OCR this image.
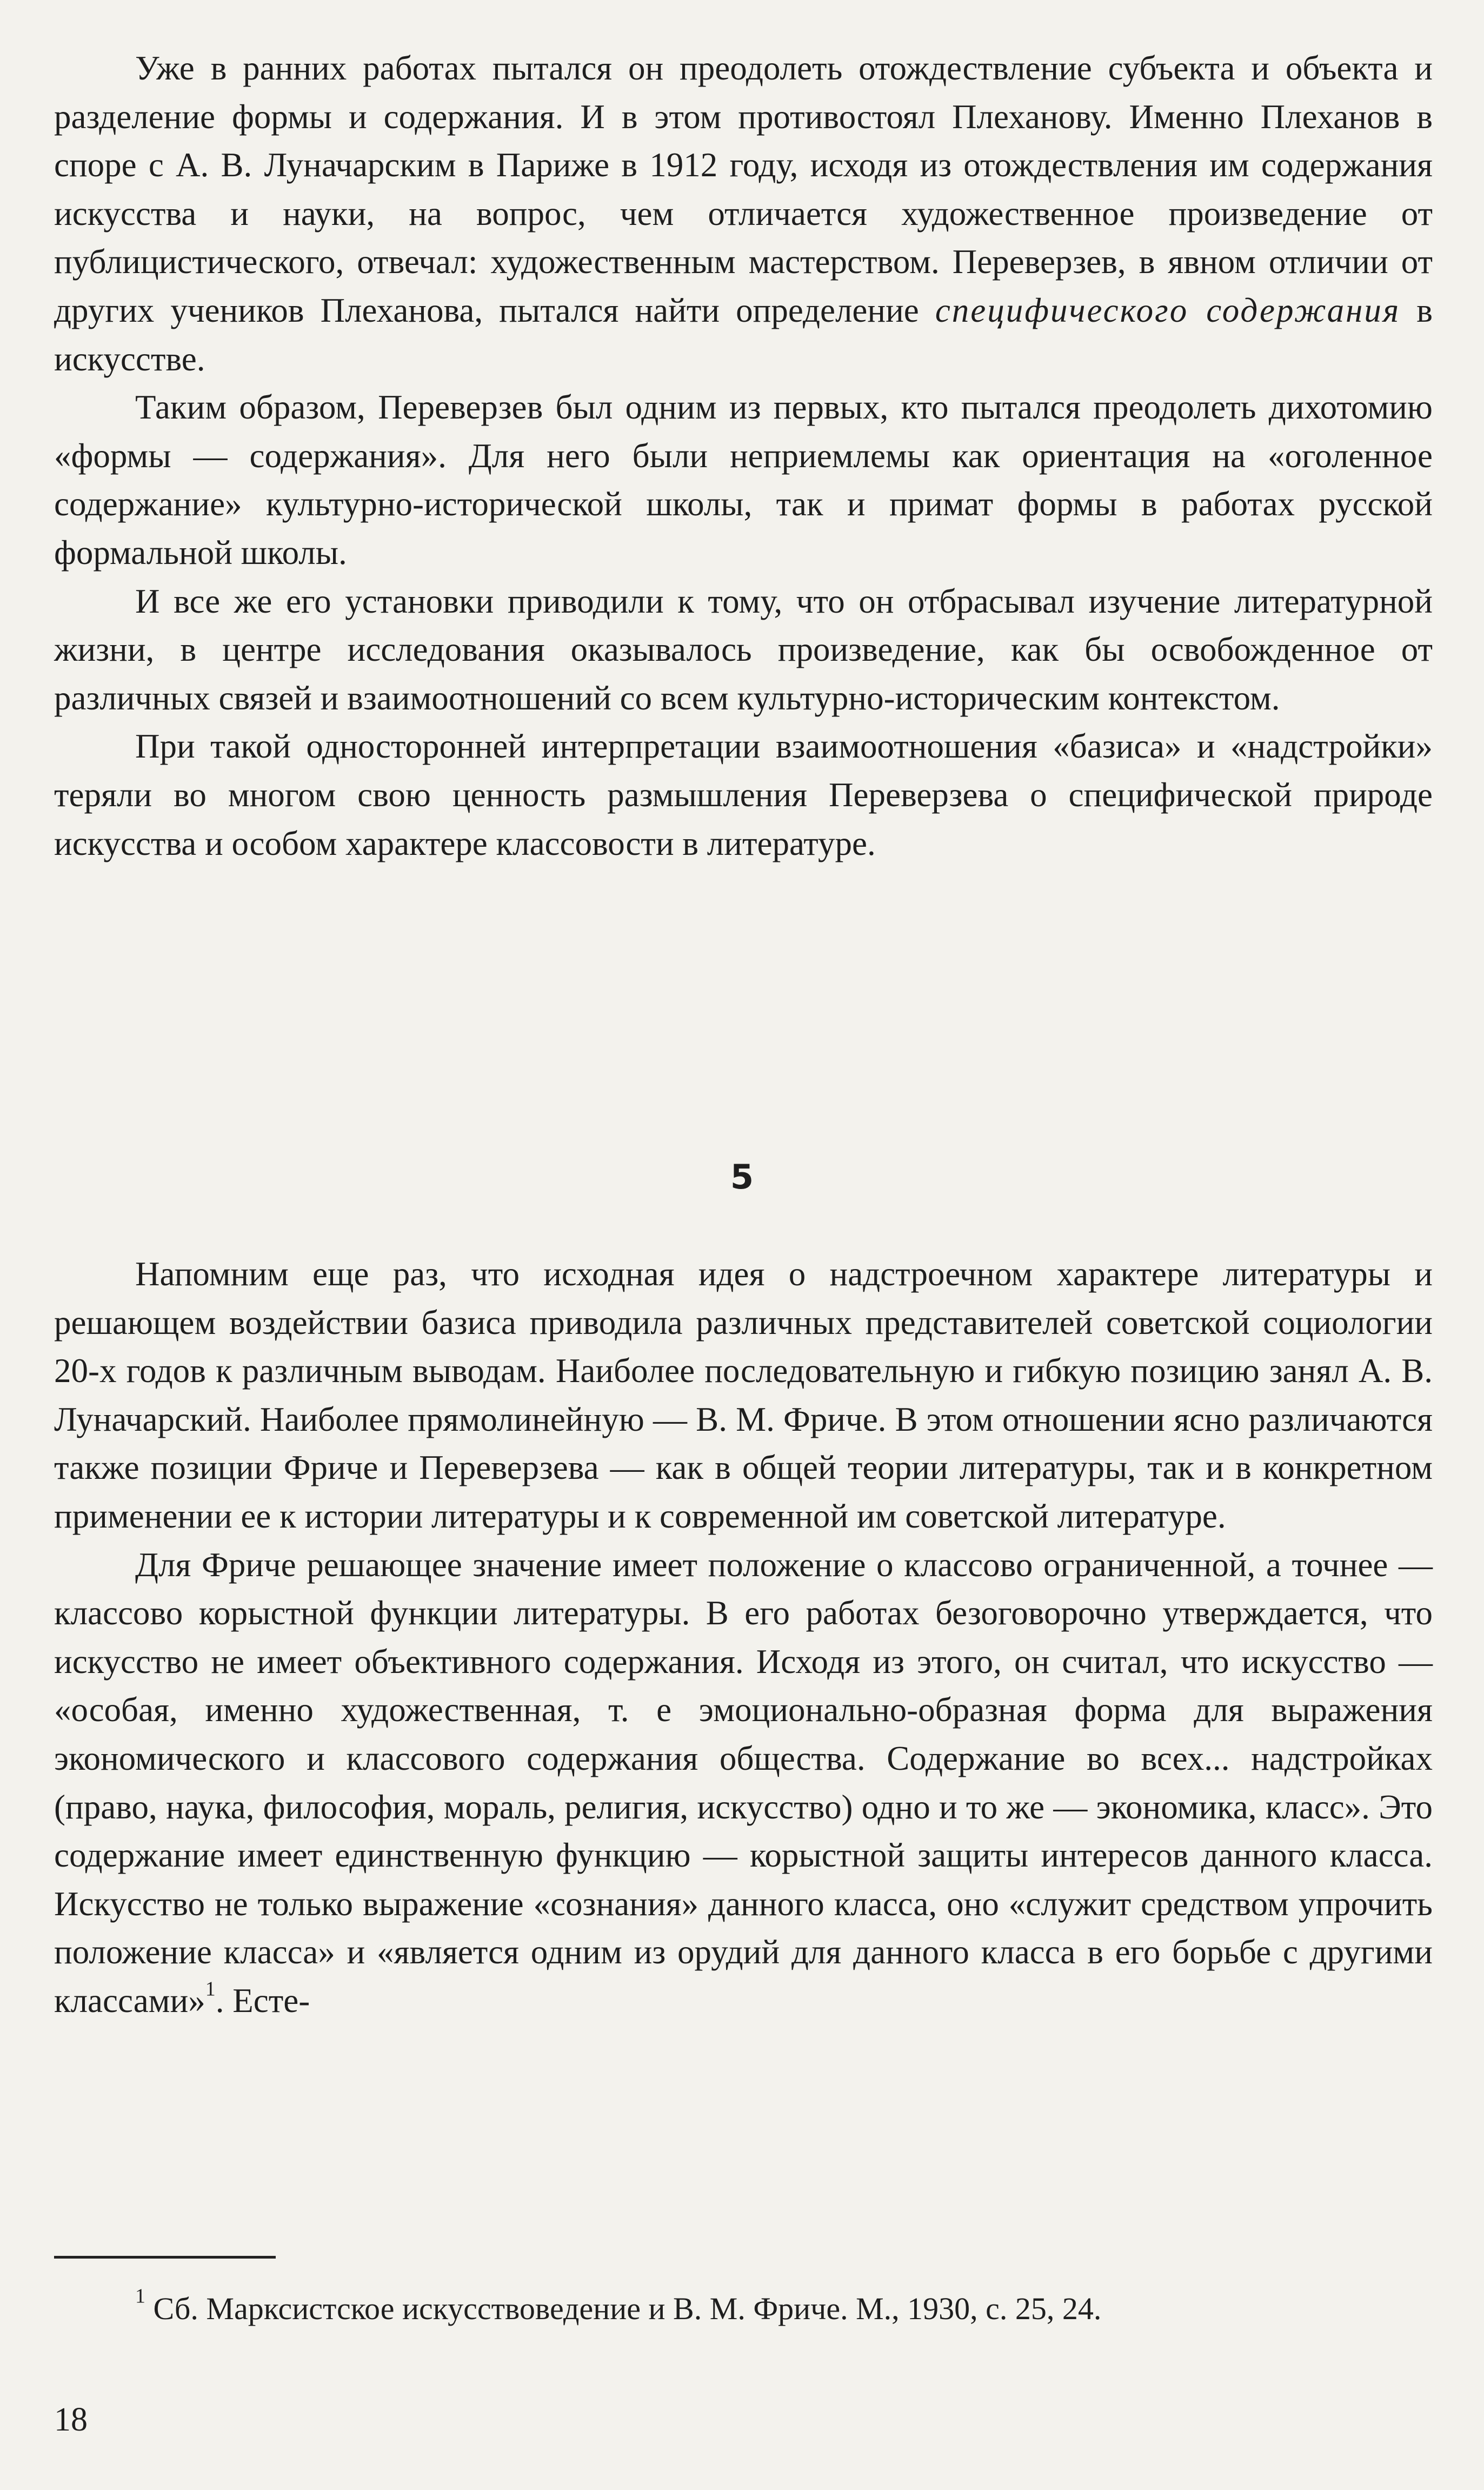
Уже в ранних работах пытался он преодолеть отождествление субъекта и объекта и разделение формы и содержания. И в этом противостоял Плеханову. Именно Плеханов в споре с А. В. Луначарским в Париже в 1912 году, исходя из отождествления им содержания искусства и науки, на вопрос, чем отличается художественное произведение от публицистического, отвечал: художественным мастерством. Переверзев, в явном отличии от других учеников Плеханова, пытался найти определение специфического содержания в искусстве.

Таким образом, Переверзев был одним из первых, кто пытался преодолеть дихотомию «формы — содержания». Для него были неприемлемы как ориентация на «оголенное содержание» культурно-исторической школы, так и примат формы в работах русской формальной школы.

И все же его установки приводили к тому, что он отбрасывал изучение литературной жизни, в центре исследования оказывалось произведение, как бы освобожденное от различных связей и взаимоотношений со всем культурно-историческим контекстом.

При такой односторонней интерпретации взаимоотношения «базиса» и «надстройки» теряли во многом свою ценность размышления Переверзева о специфической природе искусства и особом характере классовости в литературе.

5

Напомним еще раз, что исходная идея о надстроечном характере литературы и решающем воздействии базиса приводила различных представителей советской социологии 20-х годов к различным выводам. Наиболее последовательную и гибкую позицию занял А. В. Луначарский. Наиболее прямолинейную — В. М. Фриче. В этом отношении ясно различаются также позиции Фриче и Переверзева — как в общей теории литературы, так и в конкретном применении ее к истории литературы и к современной им советской литературе.

Для Фриче решающее значение имеет положение о классово ограниченной, а точнее — классово корыстной функции литературы. В его работах безоговорочно утверждается, что искусство не имеет объективного содержания. Исходя из этого, он считал, что искусство — «особая, именно художественная, т. е эмоционально-образная форма для выражения экономического и классового содержания общества. Содержание во всех... надстройках (право, наука, философия, мораль, религия, искусство) одно и то же — экономика, класс». Это содержание имеет единственную функцию — корыстной защиты интересов данного класса. Искусство не только выражение «сознания» данного класса, оно «служит средством упрочить положение класса» и «является одним из орудий для данного класса в его борьбе с другими классами»$^1$. Есте-

$^1$ Сб. Марксистское искусствоведение и В. М. Фриче. М., 1930, с. 25, 24.
18
